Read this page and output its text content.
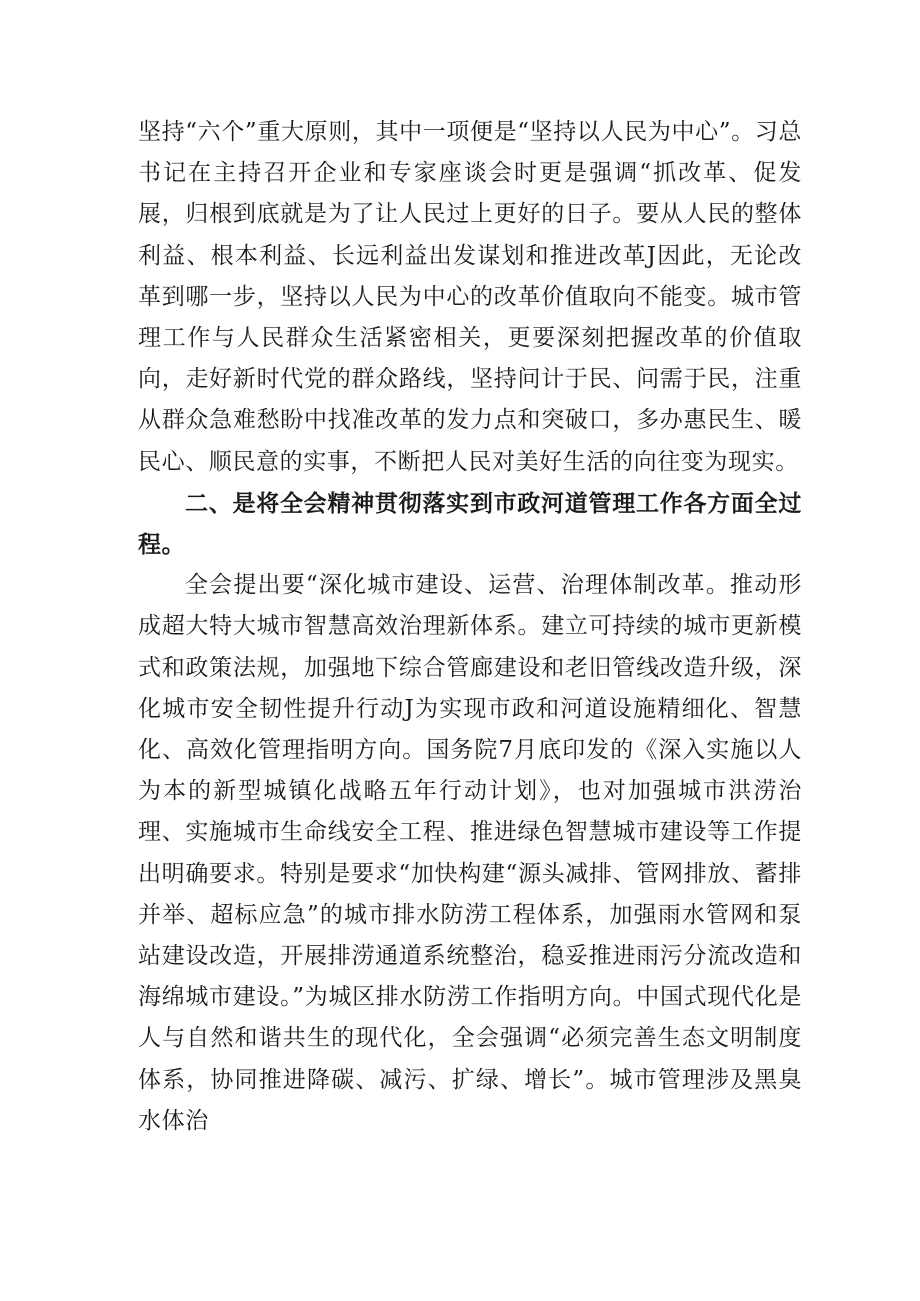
坚持“六个”重大原则，其中一项便是“坚持以人民为中心”。习总书记在主持召开企业和专家座谈会时更是强调“抓改革、促发展，归根到底就是为了让人民过上更好的日子。要从人民的整体利益、根本利益、长远利益出发谋划和推进改革J因此，无论改革到哪一步，坚持以人民为中心的改革价值取向不能变。城市管理工作与人民群众生活紧密相关，更要深刻把握改革的价值取向，走好新时代党的群众路线，坚持问计于民、问需于民，注重从群众急难愁盼中找准改革的发力点和突破口，多办惠民生、暖民心、顺民意的实事，不断把人民对美好生活的向往变为现实。

二、是将全会精神贯彻落实到市政河道管理工作各方面全过程。

全会提出要“深化城市建设、运营、治理体制改革。推动形成超大特大城市智慧高效治理新体系。建立可持续的城市更新模式和政策法规，加强地下综合管廊建设和老旧管线改造升级，深化城市安全韧性提升行动J为实现市政和河道设施精细化、智慧化、高效化管理指明方向。国务院7月底印发的《深入实施以人为本的新型城镇化战略五年行动计划》，也对加强城市洪涝治理、实施城市生命线安全工程、推进绿色智慧城市建设等工作提出明确要求。特别是要求“加快构建“源头减排、管网排放、蓄排并举、超标应急”的城市排水防涝工程体系，加强雨水管网和泵站建设改造，开展排涝通道系统整治，稳妥推进雨污分流改造和海绵城市建设。”为城区排水防涝工作指明方向。中国式现代化是人与自然和谐共生的现代化，全会强调“必须完善生态文明制度体系，协同推进降碳、减污、扩绿、增长”。城市管理涉及黑臭水体治
